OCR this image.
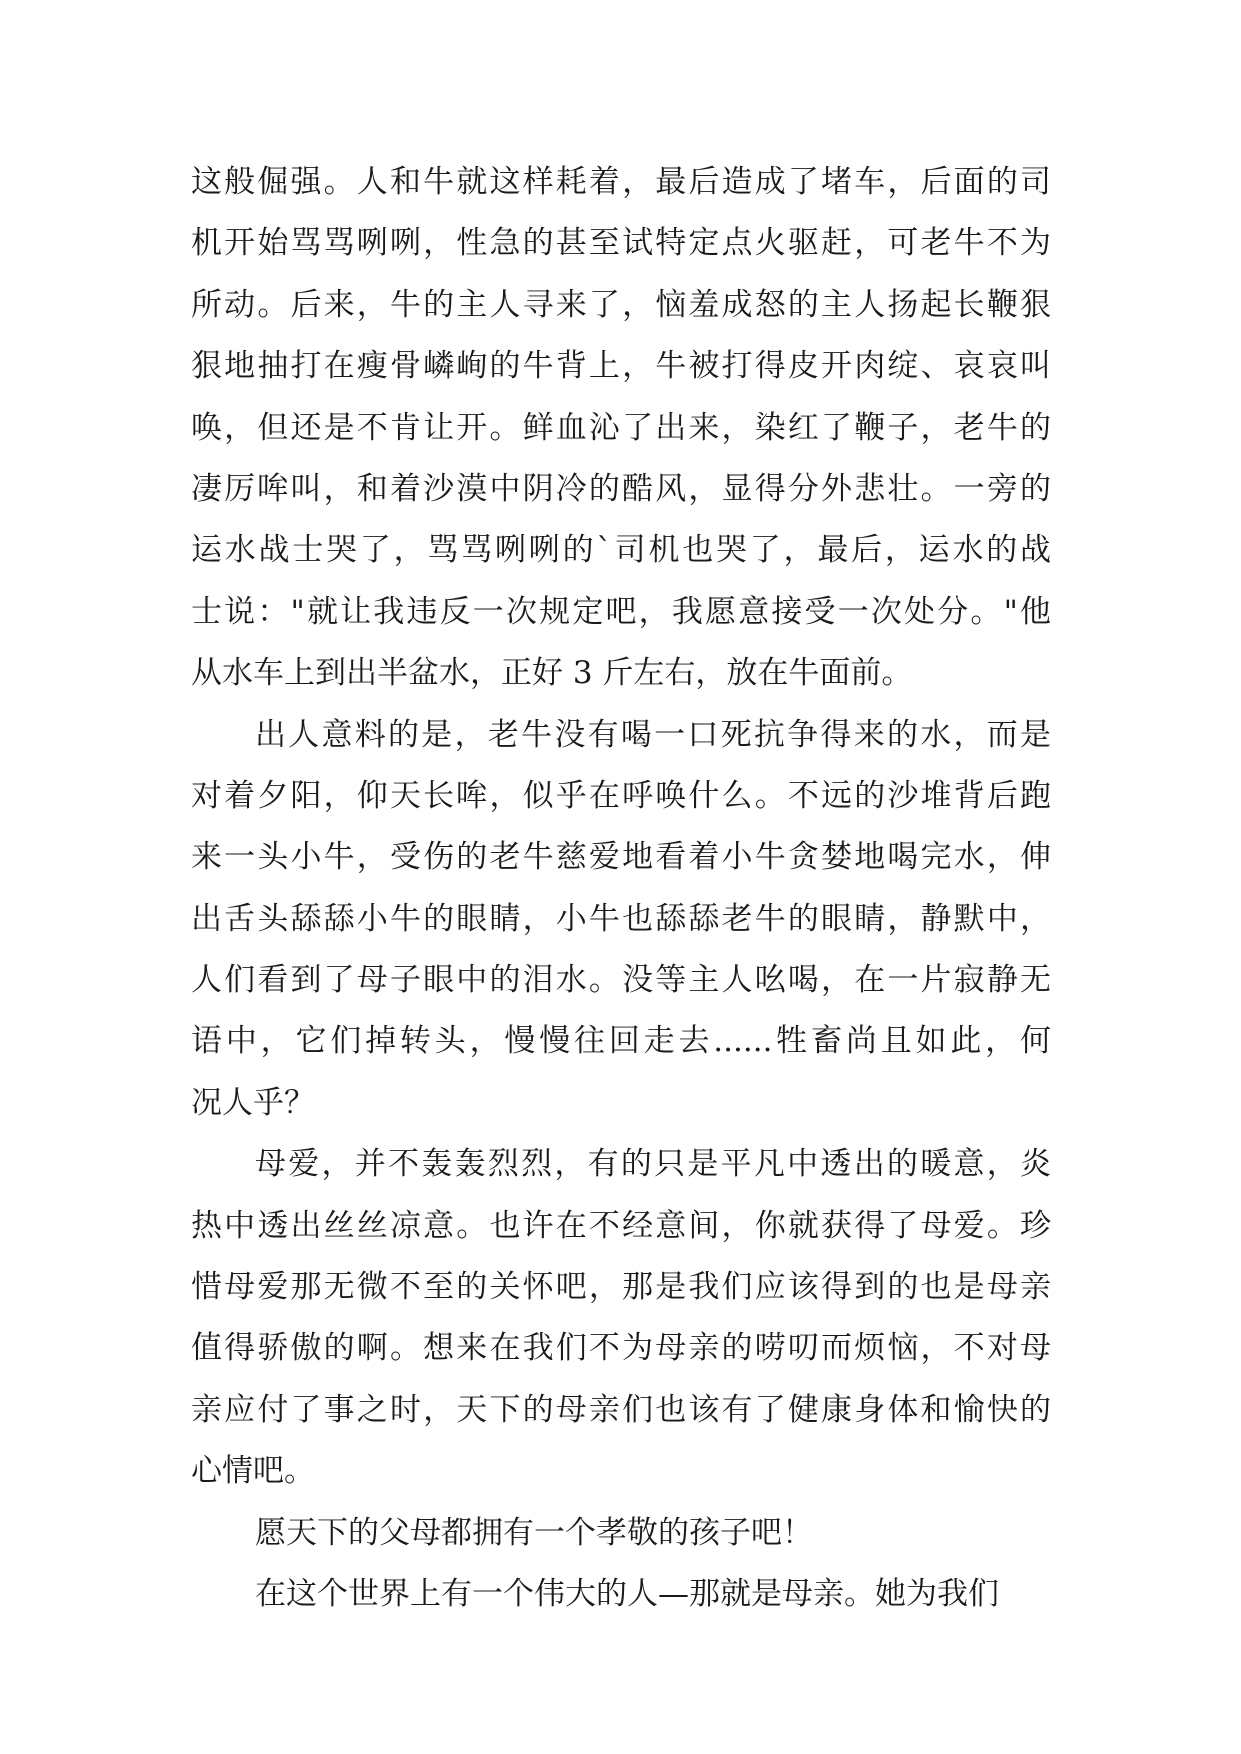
这般倔强。人和牛就这样耗着，最后造成了堵车，后面的司
机开始骂骂咧咧，性急的甚至试特定点火驱赶，可老牛不为
所动。后来，牛的主人寻来了，恼羞成怒的主人扬起长鞭狠
狠地抽打在瘦骨嶙峋的牛背上，牛被打得皮开肉绽、哀哀叫
唤，但还是不肯让开。鲜血沁了出来，染红了鞭子，老牛的
凄厉哞叫，和着沙漠中阴冷的酷风，显得分外悲壮。一旁的
运水战士哭了，骂骂咧咧的`司机也哭了，最后，运水的战
士说："就让我违反一次规定吧，我愿意接受一次处分。"他
从水车上到出半盆水，正好 3 斤左右，放在牛面前。
出人意料的是，老牛没有喝一口死抗争得来的水，而是
对着夕阳，仰天长哞，似乎在呼唤什么。不远的沙堆背后跑
来一头小牛，受伤的老牛慈爱地看着小牛贪婪地喝完水，伸
出舌头舔舔小牛的眼睛，小牛也舔舔老牛的眼睛，静默中，
人们看到了母子眼中的泪水。没等主人吆喝，在一片寂静无
语中，它们掉转头，慢慢往回走去......牲畜尚且如此，何
况人乎？
母爱，并不轰轰烈烈，有的只是平凡中透出的暖意，炎
热中透出丝丝凉意。也许在不经意间，你就获得了母爱。珍
惜母爱那无微不至的关怀吧，那是我们应该得到的也是母亲
值得骄傲的啊。想来在我们不为母亲的唠叨而烦恼，不对母
亲应付了事之时，天下的母亲们也该有了健康身体和愉快的
心情吧。
愿天下的父母都拥有一个孝敬的孩子吧！
在这个世界上有一个伟大的人—那就是母亲。她为我们
